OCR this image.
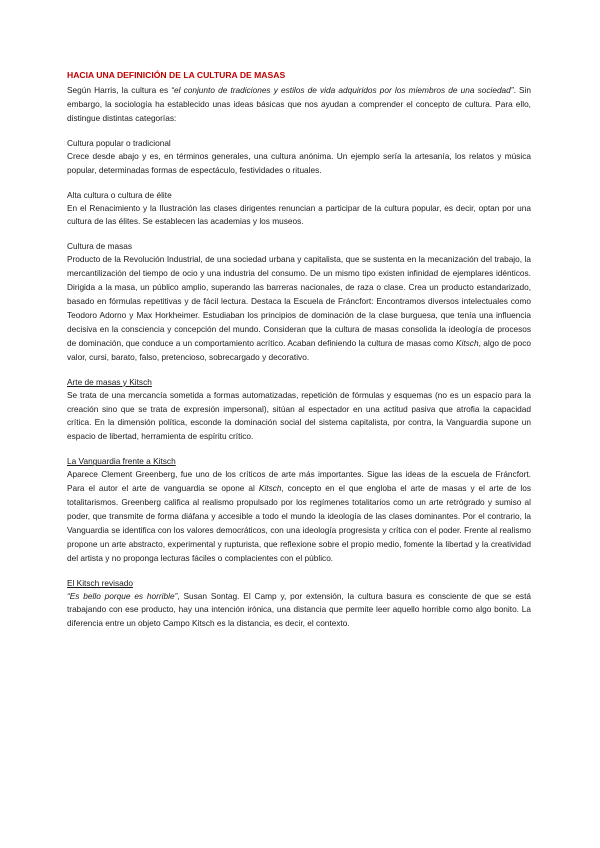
HACIA UNA DEFINICIÓN DE LA CULTURA DE MASAS

Según Harris, la cultura es “el conjunto de tradiciones y estilos de vida adquiridos por los miembros de una sociedad”. Sin embargo, la sociología ha establecido unas ideas básicas que nos ayudan a comprender el concepto de cultura. Para ello, distingue distintas categorías:

Cultura popular o tradicional

Crece desde abajo y es, en términos generales, una cultura anónima. Un ejemplo sería la artesanía, los relatos y música popular, determinadas formas de espectáculo, festividades o rituales.

Alta cultura o cultura de élite

En el Renacimiento y la Ilustración las clases dirigentes renuncian a participar de la cultura popular, es decir, optan por una cultura de las élites. Se establecen las academias y los museos.

Cultura de masas

Producto de la Revolución Industrial, de una sociedad urbana y capitalista, que se sustenta en la mecanización del trabajo, la mercantilización del tiempo de ocio y una industria del consumo. De un mismo tipo existen infinidad de ejemplares idénticos. Dirigida a la masa, un público amplio, superando las barreras nacionales, de raza o clase. Crea un producto estandarizado, basado en fórmulas repetitivas y de fácil lectura. Destaca la Escuela de Fráncfort: Encontramos diversos intelectuales como Teodoro Adorno y Max Horkheimer. Estudiaban los principios de dominación de la clase burguesa, que tenía una influencia decisiva en la consciencia y concepción del mundo. Consideran que la cultura de masas consolida la ideología de procesos de dominación, que conduce a un comportamiento acrítico. Acaban definiendo la cultura de masas como Kitsch, algo de poco valor, cursi, barato, falso, pretencioso, sobrecargado y decorativo.

Arte de masas y Kitsch

Se trata de una mercancía sometida a formas automatizadas, repetición de fórmulas y esquemas (no es un espacio para la creación sino que se trata de expresión impersonal), sitúan al espectador en una actitud pasiva que atrofia la capacidad crítica. En la dimensión política, esconde la dominación social del sistema capitalista, por contra, la Vanguardia supone un espacio de libertad, herramienta de espíritu crítico.

La Vanguardia frente a Kitsch

Aparece Clement Greenberg, fue uno de los críticos de arte más importantes. Sigue las ideas de la escuela de Fráncfort. Para el autor el arte de vanguardia se opone al Kitsch, concepto en el que engloba el arte de masas y el arte de los totalitarismos. Greenberg califica al realismo propulsado por los regímenes totalitarios como un arte retrógrado y sumiso al poder, que transmite de forma diáfana y accesible a todo el mundo la ideología de las clases dominantes. Por el contrario, la Vanguardia se identifica con los valores democráticos, con una ideología progresista y crítica con el poder. Frente al realismo propone un arte abstracto, experimental y rupturista, que reflexione sobre el propio medio, fomente la libertad y la creatividad del artista y no proponga lecturas fáciles o complacientes con el público.

El Kitsch revisado

“Es bello porque es horrible”, Susan Sontag. El Camp y, por extensión, la cultura basura es consciente de que se está trabajando con ese producto, hay una intención irónica, una distancia que permite leer aquello horrible como algo bonito. La diferencia entre un objeto Campo Kitsch es la distancia, es decir, el contexto.
